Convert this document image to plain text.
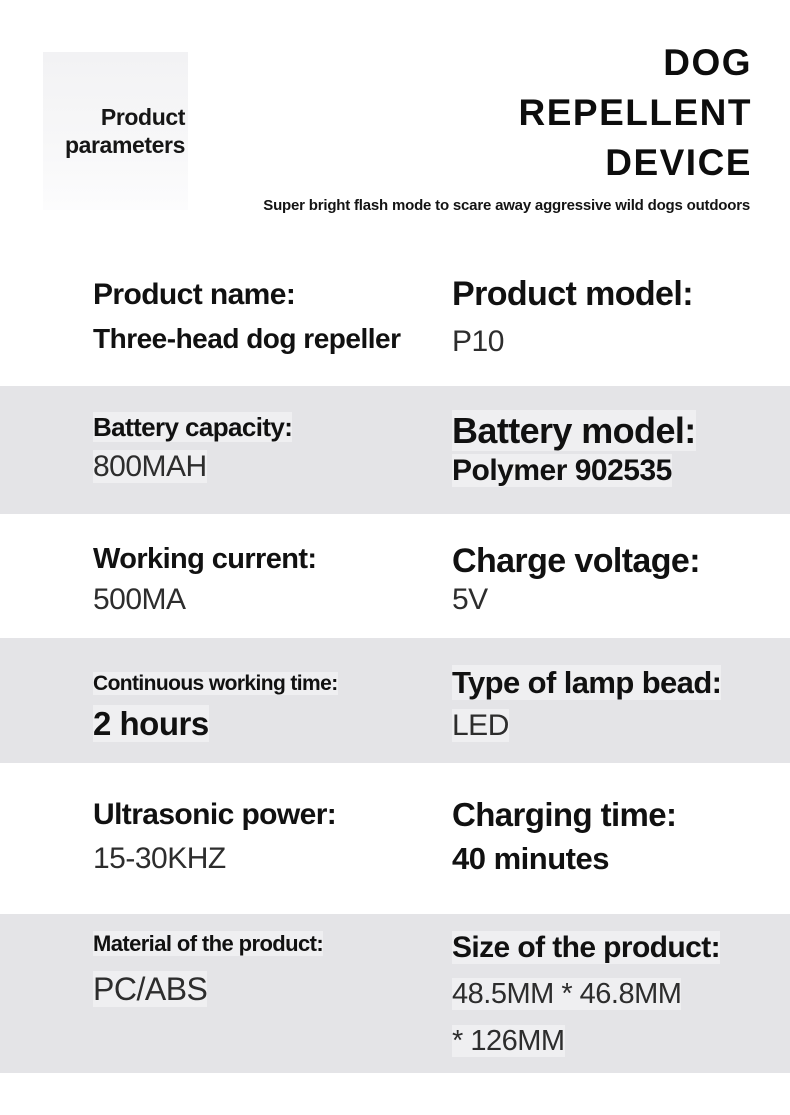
Product
parameters
DOG
REPELLENT
DEVICE
Super bright flash mode to scare away aggressive wild dogs outdoors
Product name:
Three-head dog repeller
Product model:
P10
Battery capacity:
800MAH
Battery model:
Polymer 902535
Working current:
500MA
Charge voltage:
5V
Continuous working time:
2 hours
Type of lamp bead:
LED
Ultrasonic power:
15-30KHZ
Charging time:
40 minutes
Material of the product:
PC/ABS
Size of the product:
48.5MM * 46.8MM
* 126MM
